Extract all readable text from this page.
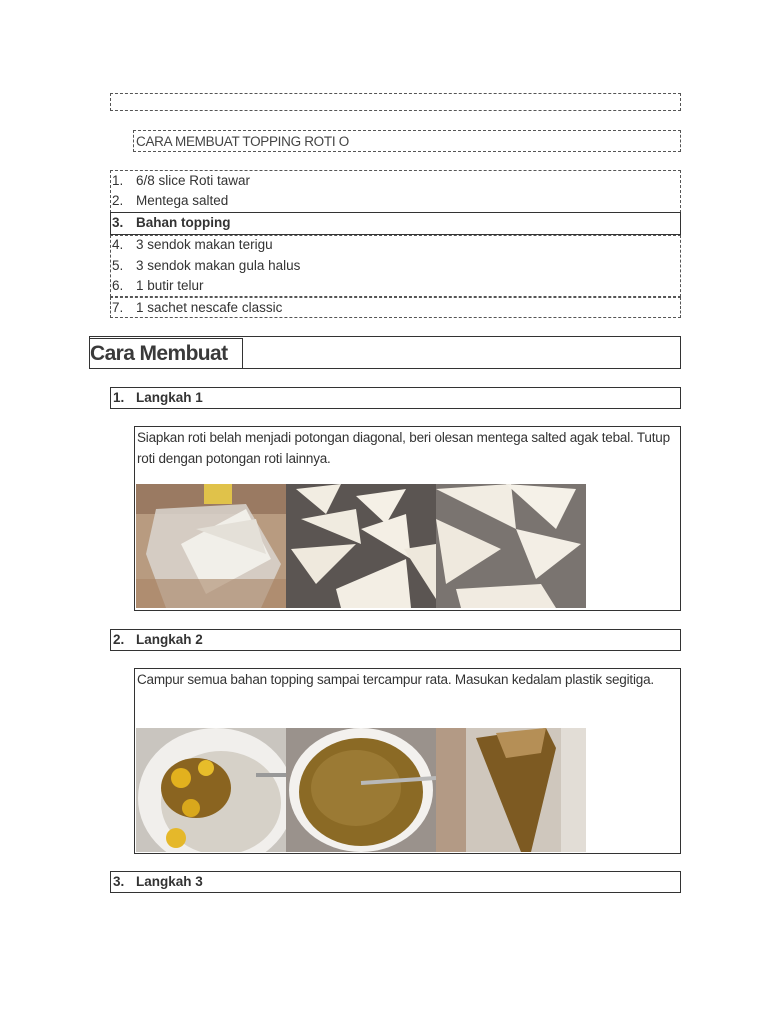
CARA MEMBUAT TOPPING ROTI O
1. 6/8 slice Roti tawar
2. Mentega salted
3. Bahan topping
4. 3 sendok makan terigu
5. 3 sendok makan gula halus
6. 1 butir telur
7. 1 sachet nescafe classic
Cara Membuat
1. Langkah 1

Siapkan roti belah menjadi potongan diagonal, beri olesan mentega salted agak tebal. Tutup roti dengan potongan roti lainnya.

2. Langkah 2

Campur semua bahan topping sampai tercampur rata. Masukan kedalam plastik segitiga.

3. Langkah 3
